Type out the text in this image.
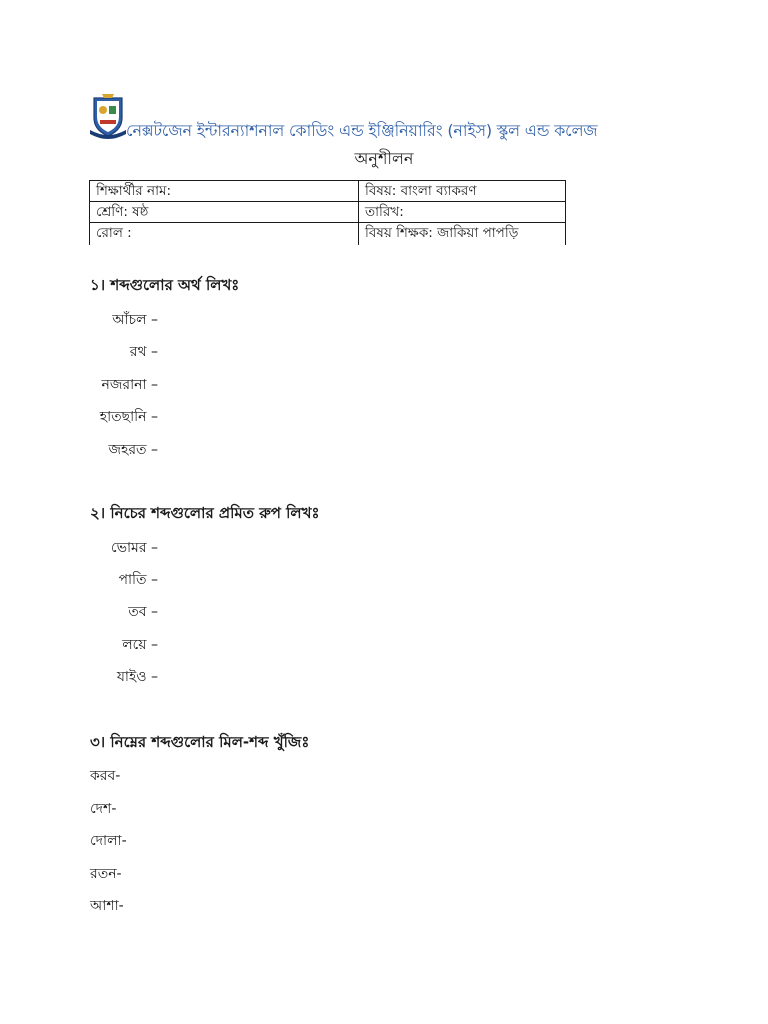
নেক্সটজেন ইন্টারন্যাশনাল কোডিং এন্ড ইঞ্জিনিয়ারিং (নাইস) স্কুল এন্ড কলেজ
অনুশীলন
শিক্ষার্থীর নাম:	বিষয়: বাংলা ব্যাকরণ
শ্রেণি: ষষ্ঠ	তারিখ:
রোল :	বিষয় শিক্ষক: জাকিয়া পাপড়ি
১। শব্দগুলোর অর্থ লিখঃ
আঁচল –
রথ –
নজরানা –
হাতছানি –
জহরত –
২। নিচের শব্দগুলোর প্রমিত রুপ লিখঃ
ভোমর –
পাতি –
তব –
লয়ে –
যাইও –
৩। নিম্নের শব্দগুলোর মিল-শব্দ খুঁজিঃ
করব-
দেশ-
দোলা-
রতন-
আশা-
